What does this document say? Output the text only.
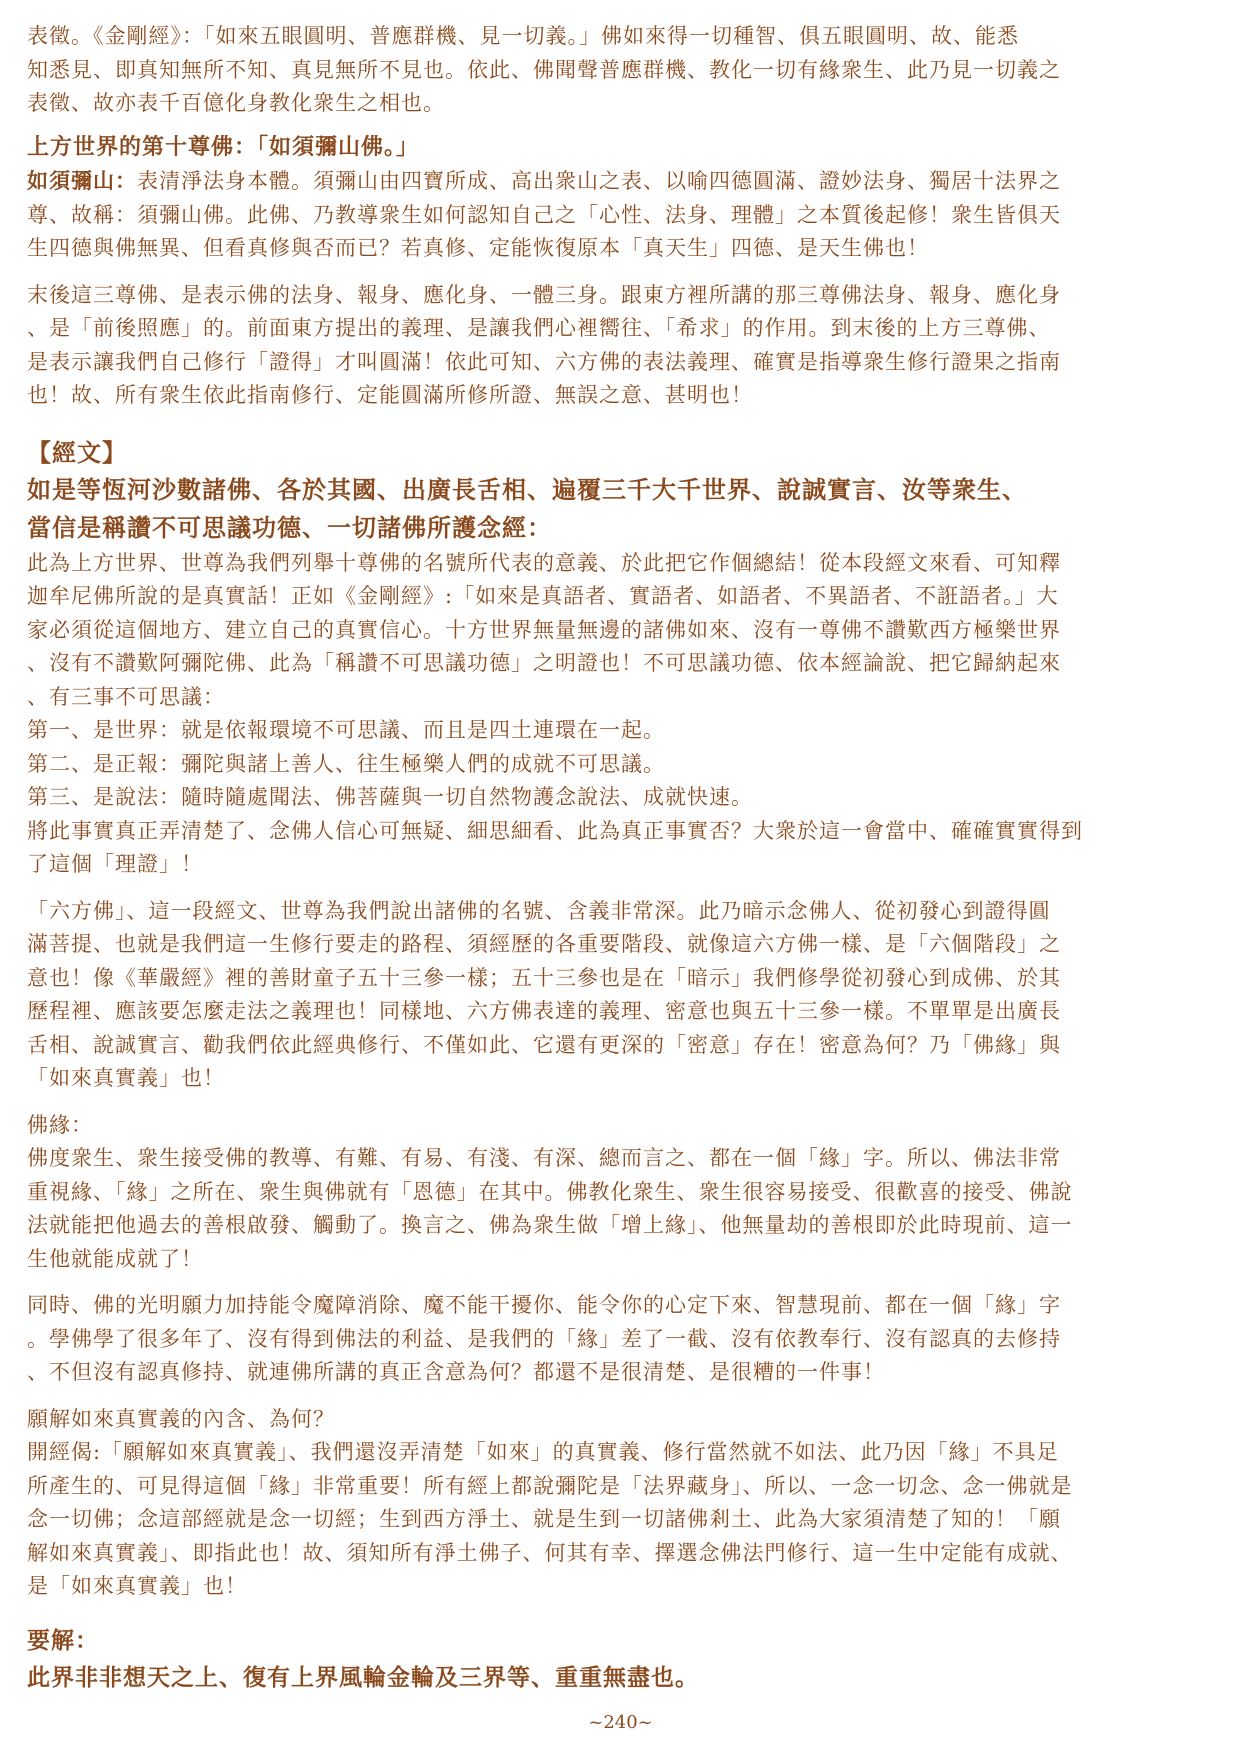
表徵。《金剛經》：「如來五眼圓明、普應群機、見一切義。」佛如來得一切種智、俱五眼圓明、故、能悉

知悉見、即真知無所不知、真見無所不見也。依此、佛聞聲普應群機、教化一切有緣衆生、此乃見一切義之

表徵、故亦表千百億化身教化衆生之相也。

上方世界的第十尊佛：「如須彌山佛。」

如須彌山：表清淨法身本體。須彌山由四寶所成、高出衆山之表、以喻四德圓滿、證妙法身、獨居十法界之

尊、故稱：須彌山佛。此佛、乃教導衆生如何認知自己之「心性、法身、理體」之本質後起修！衆生皆俱天

生四德與佛無異、但看真修與否而已？若真修、定能恢復原本「真天生」四德、是天生佛也！

末後這三尊佛、是表示佛的法身、報身、應化身、一體三身。跟東方裡所講的那三尊佛法身、報身、應化身

、是「前後照應」的。前面東方提出的義理、是讓我們心裡嚮往、「希求」的作用。到末後的上方三尊佛、

是表示讓我們自己修行「證得」才叫圓滿！依此可知、六方佛的表法義理、確實是指導衆生修行證果之指南

也！故、所有衆生依此指南修行、定能圓滿所修所證、無誤之意、甚明也！

【經文】

如是等恆河沙數諸佛、各於其國、出廣長舌相、遍覆三千大千世界、說誠實言、汝等衆生、

當信是稱讚不可思議功德、一切諸佛所護念經：

此為上方世界、世尊為我們列舉十尊佛的名號所代表的意義、於此把它作個總結！從本段經文來看、可知釋

迦牟尼佛所說的是真實話！正如《金剛經》:「如來是真語者、實語者、如語者、不異語者、不誑語者。」大

家必須從這個地方、建立自己的真實信心。十方世界無量無邊的諸佛如來、沒有一尊佛不讚歎西方極樂世界

、沒有不讚歎阿彌陀佛、此為「稱讚不可思議功德」之明證也！不可思議功德、依本經論說、把它歸納起來

、有三事不可思議：

第一、是世界：就是依報環境不可思議、而且是四土連環在一起。

第二、是正報：彌陀與諸上善人、往生極樂人們的成就不可思議。

第三、是說法：隨時隨處聞法、佛菩薩與一切自然物護念說法、成就快速。

將此事實真正弄清楚了、念佛人信心可無疑、細思細看、此為真正事實否？大衆於這一會當中、確確實實得到

了這個「理證」！

「六方佛」、這一段經文、世尊為我們說出諸佛的名號、含義非常深。此乃暗示念佛人、從初發心到證得圓

滿菩提、也就是我們這一生修行要走的路程、須經歷的各重要階段、就像這六方佛一樣、是「六個階段」之

意也！像《華嚴經》裡的善財童子五十三參一樣；五十三參也是在「暗示」我們修學從初發心到成佛、於其

歷程裡、應該要怎麼走法之義理也！同樣地、六方佛表達的義理、密意也與五十三參一樣。不單單是出廣長

舌相、說誠實言、勸我們依此經典修行、不僅如此、它還有更深的「密意」存在！密意為何？乃「佛緣」與

「如來真實義」也！

佛緣：

佛度衆生、衆生接受佛的教導、有難、有易、有淺、有深、總而言之、都在一個「緣」字。所以、佛法非常

重視緣、「緣」之所在、衆生與佛就有「恩德」在其中。佛教化衆生、衆生很容易接受、很歡喜的接受、佛說

法就能把他過去的善根啟發、觸動了。換言之、佛為衆生做「增上緣」、他無量劫的善根即於此時現前、這一

生他就能成就了！

同時、佛的光明願力加持能令魔障消除、魔不能干擾你、能令你的心定下來、智慧現前、都在一個「緣」字

。學佛學了很多年了、沒有得到佛法的利益、是我們的「緣」差了一截、沒有依教奉行、沒有認真的去修持

、不但沒有認真修持、就連佛所講的真正含意為何？都還不是很清楚、是很糟的一件事！

願解如來真實義的內含、為何？

開經偈:「願解如來真實義」、我們還沒弄清楚「如來」的真實義、修行當然就不如法、此乃因「緣」不具足

所產生的、可見得這個「緣」非常重要！所有經上都說彌陀是「法界藏身」、所以、一念一切念、念一佛就是

念一切佛；念這部經就是念一切經；生到西方淨土、就是生到一切諸佛剎土、此為大家須清楚了知的！「願

解如來真實義」、即指此也！故、須知所有淨土佛子、何其有幸、擇選念佛法門修行、這一生中定能有成就、

是「如來真實義」也！

要解：

此界非非想天之上、復有上界風輪金輪及三界等、重重無盡也。

~240~
